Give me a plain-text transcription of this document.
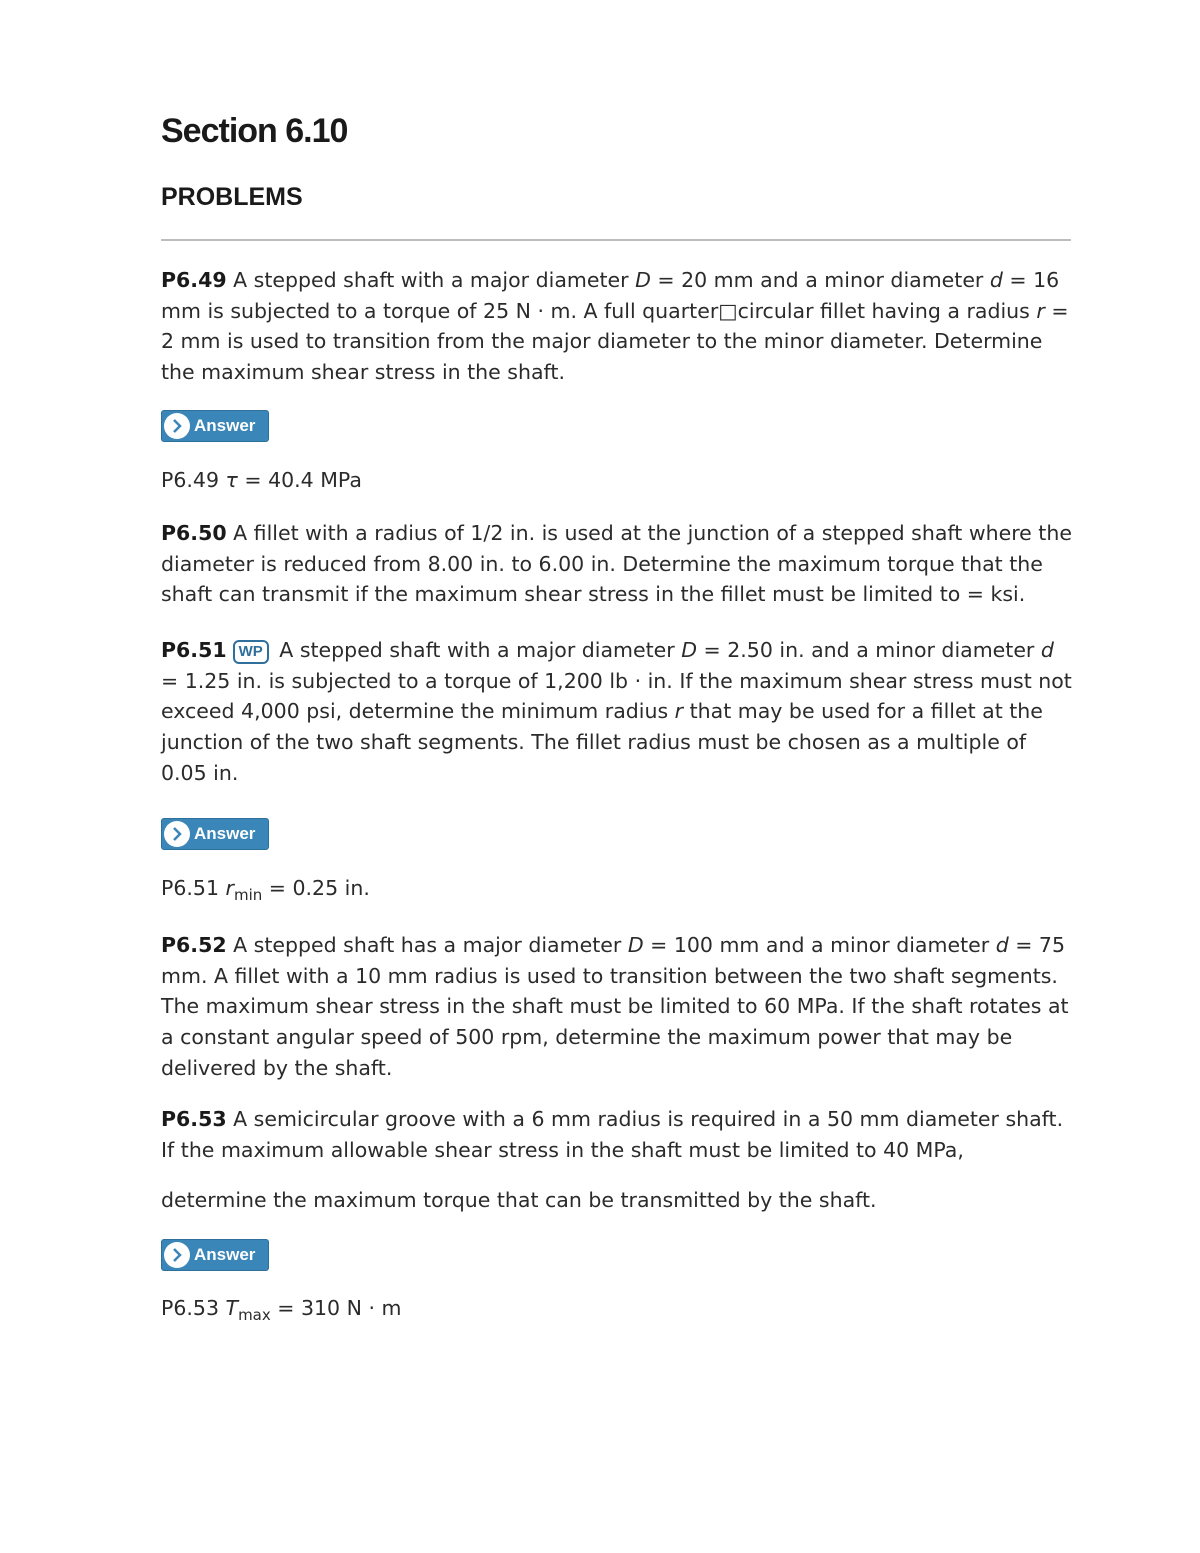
Section 6.10
PROBLEMS

P6.49 A stepped shaft with a major diameter D = 20 mm and a minor diameter d = 16 mm is subjected to a torque of 25 N · m. A full quarter□circular fillet having a radius r = 2 mm is used to transition from the major diameter to the minor diameter. Determine the maximum shear stress in the shaft.

Answer

P6.49 τ = 40.4 MPa

P6.50 A fillet with a radius of 1/2 in. is used at the junction of a stepped shaft where the diameter is reduced from 8.00 in. to 6.00 in. Determine the maximum torque that the shaft can transmit if the maximum shear stress in the fillet must be limited to = ksi.

P6.51 WP A stepped shaft with a major diameter D = 2.50 in. and a minor diameter d = 1.25 in. is subjected to a torque of 1,200 lb · in. If the maximum shear stress must not exceed 4,000 psi, determine the minimum radius r that may be used for a fillet at the junction of the two shaft segments. The fillet radius must be chosen as a multiple of 0.05 in.

Answer

P6.51 $r_{min} = 0.25$ in.

P6.52 A stepped shaft has a major diameter D = 100 mm and a minor diameter d = 75 mm. A fillet with a 10 mm radius is used to transition between the two shaft segments. The maximum shear stress in the shaft must be limited to 60 MPa. If the shaft rotates at a constant angular speed of 500 rpm, determine the maximum power that may be delivered by the shaft.

P6.53 A semicircular groove with a 6 mm radius is required in a 50 mm diameter shaft. If the maximum allowable shear stress in the shaft must be limited to 40 MPa,

determine the maximum torque that can be transmitted by the shaft.

Answer

P6.53 $T_{max} = 310$ N · m
